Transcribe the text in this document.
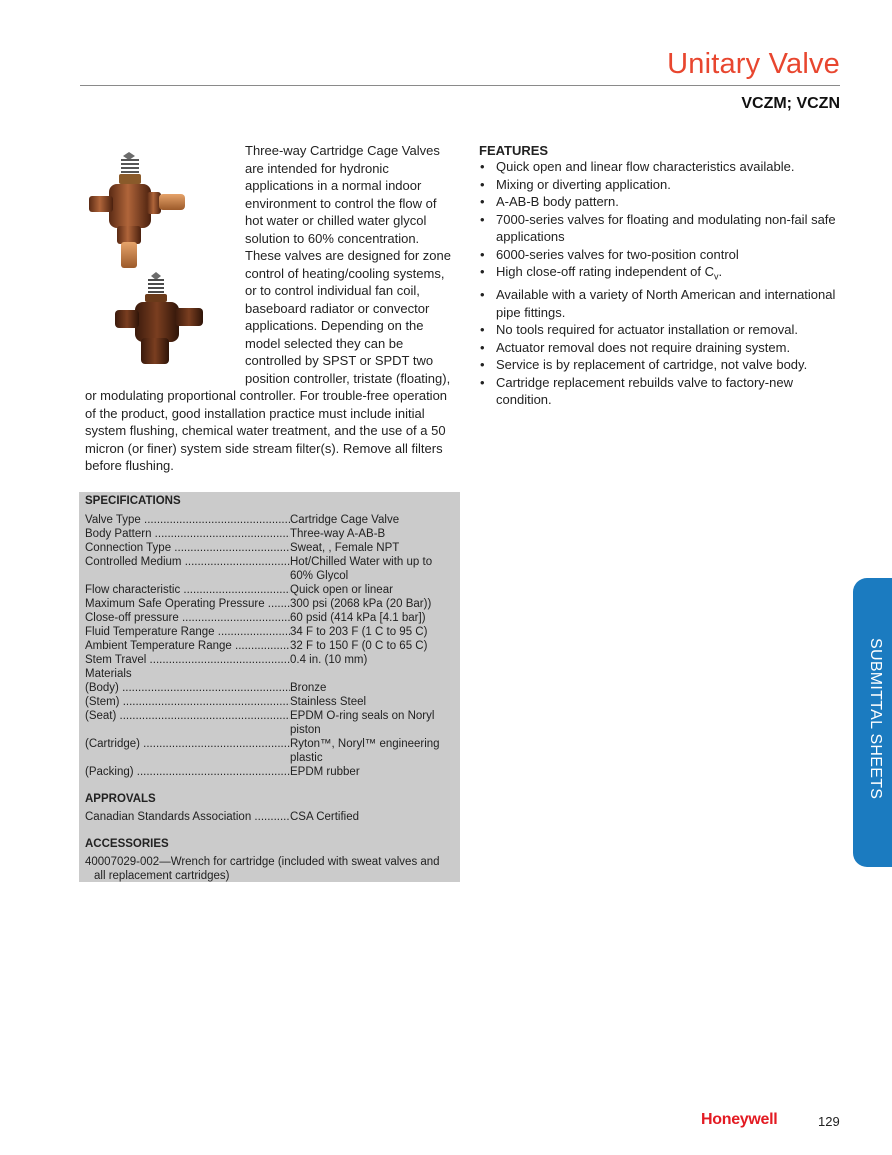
Unitary Valve
VCZM; VCZN
Three-way Cartridge Cage Valves are intended for hydronic applications in a normal indoor environment to control the flow of hot water or chilled water glycol solution to 60% concentration. These valves are designed for zone control of heating/cooling systems, or to control individual fan coil, baseboard radiator or convector applications. Depending on the model selected they can be controlled by SPST or SPDT two position controller, tristate (floating), or modulating proportional controller. For trouble-free operation of the product, good installation practice must include initial system flushing, chemical water treatment, and the use of a 50 micron (or finer) system side stream filter(s). Remove all filters before flushing.
FEATURES
• Quick open and linear flow characteristics available.
• Mixing or diverting application.
• A-AB-B body pattern.
• 7000-series valves for floating and modulating non-fail safe applications
• 6000-series valves for two-position control
• High close-off rating independent of $C_v$.
• Available with a variety of North American and international pipe fittings.
• No tools required for actuator installation or removal.
• Actuator removal does not require draining system.
• Service is by replacement of cartridge, not valve body.
• Cartridge replacement rebuilds valve to factory-new condition.
SPECIFICATIONS
Valve Type .....	Cartridge Cage Valve
Body Pattern .....	Three-way A-AB-B
Connection Type .....	Sweat, , Female NPT
Controlled Medium .....	Hot/Chilled Water with up to 60% Glycol
Flow characteristic .....	Quick open or linear
Maximum Safe Operating Pressure .....	300 psi (2068 kPa (20 Bar))
Close-off pressure .....	60 psid (414 kPa [4.1 bar])
Fluid Temperature Range .....	34 F to 203 F (1 C to 95 C)
Ambient Temperature Range .....	32 F to 150 F (0 C to 65 C)
Stem Travel .....	0.4 in. (10 mm)
Materials
(Body) .....	Bronze
(Stem) .....	Stainless Steel
(Seat) .....	EPDM O-ring seals on Noryl piston
(Cartridge) .....	Ryton™, Noryl™ engineering plastic
(Packing) .....	EPDM rubber
APPROVALS
Canadian Standards Association .....	CSA Certified
ACCESSORIES
40007029-002—Wrench for cartridge (included with sweat valves and all replacement cartridges)
SUBMITTAL SHEETS
Honeywell	129
